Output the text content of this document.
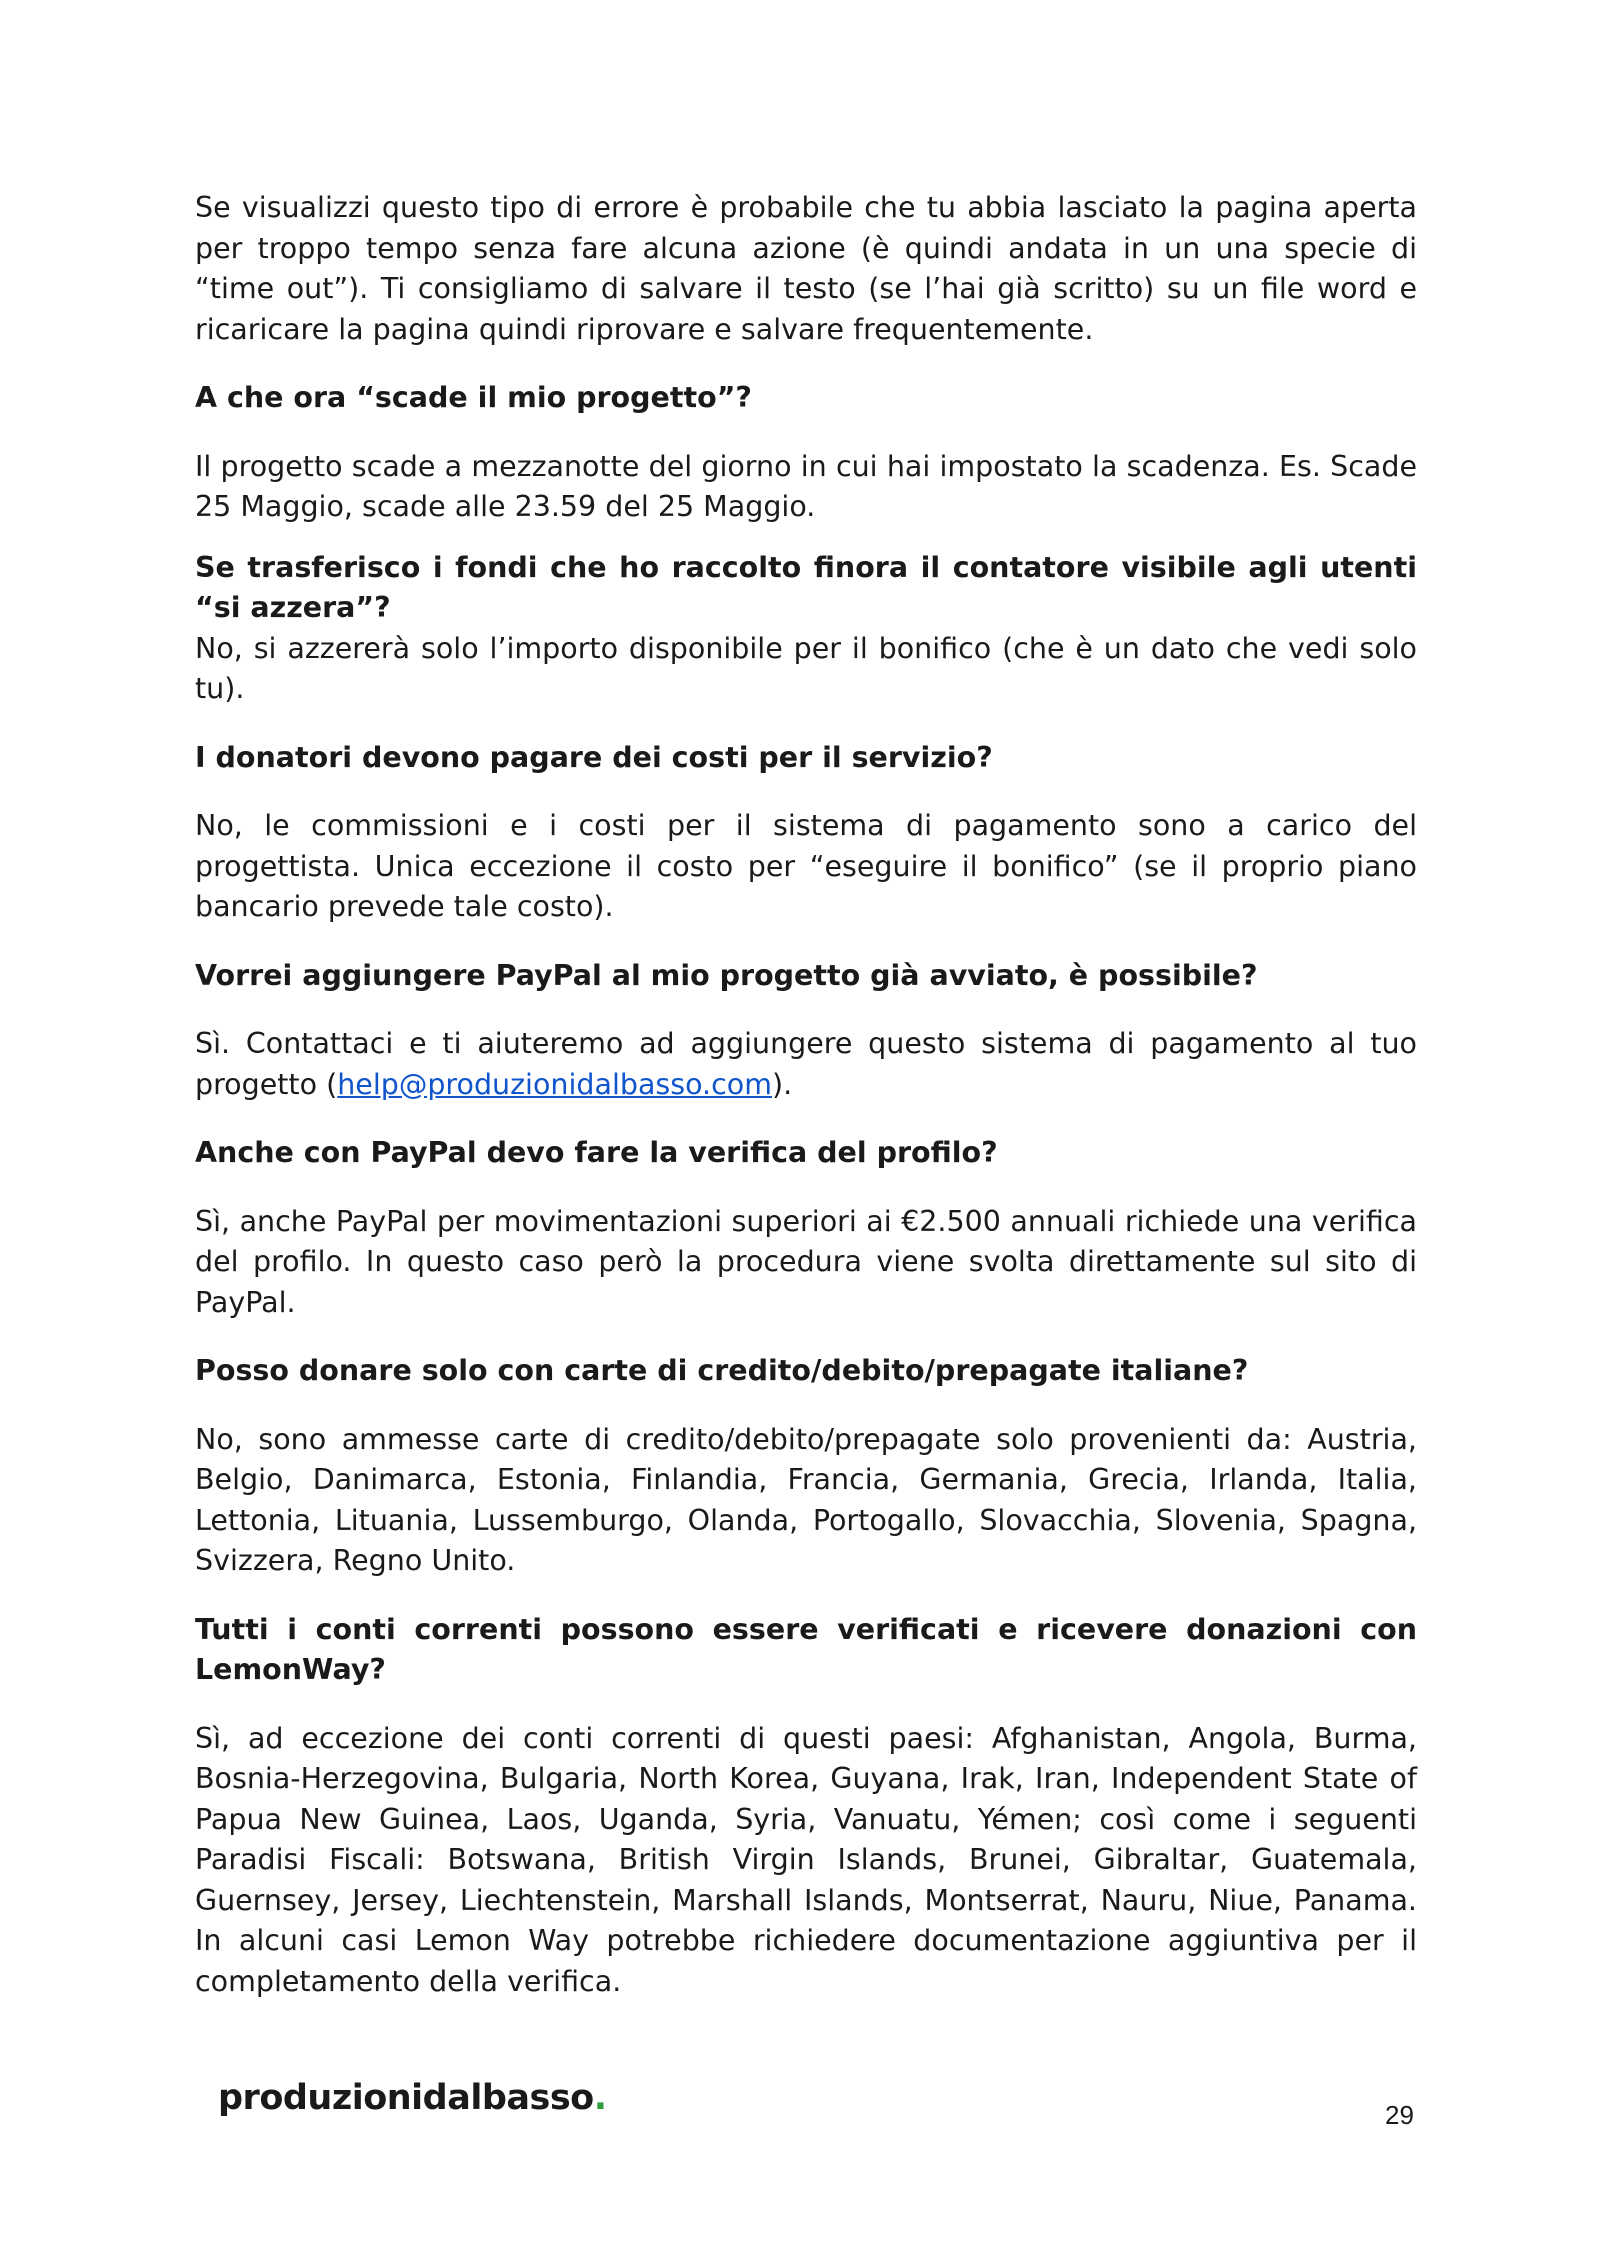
Se visualizzi questo tipo di errore è probabile che tu abbia lasciato la pagina aperta per troppo tempo senza fare alcuna azione (è quindi andata in un una specie di “time out”). Ti consigliamo di salvare il testo (se l’hai già scritto) su un file word e ricaricare la pagina quindi riprovare e salvare frequentemente.

A che ora “scade il mio progetto”?

Il progetto scade a mezzanotte del giorno in cui hai impostato la scadenza. Es. Scade 25 Maggio, scade alle 23.59 del 25 Maggio.

Se trasferisco i fondi che ho raccolto finora il contatore visibile agli utenti “si azzera”?

No, si azzererà solo l’importo disponibile per il bonifico (che è un dato che vedi solo tu).

I donatori devono pagare dei costi per il servizio?

No, le commissioni e i costi per il sistema di pagamento sono a carico del progettista. Unica eccezione il costo per “eseguire il bonifico” (se il proprio piano bancario prevede tale costo).

Vorrei aggiungere PayPal al mio progetto già avviato, è possibile?

Sì. Contattaci e ti aiuteremo ad aggiungere questo sistema di pagamento al tuo progetto (help@produzionidalbasso.com).

Anche con PayPal devo fare la verifica del profilo?

Sì, anche PayPal per movimentazioni superiori ai €2.500 annuali richiede una verifica del profilo. In questo caso però la procedura viene svolta direttamente sul sito di PayPal.

Posso donare solo con carte di credito/debito/prepagate italiane?

No, sono ammesse carte di credito/debito/prepagate solo provenienti da: Austria, Belgio, Danimarca, Estonia, Finlandia, Francia, Germania, Grecia, Irlanda, Italia, Lettonia, Lituania, Lussemburgo, Olanda, Portogallo, Slovacchia, Slovenia, Spagna, Svizzera, Regno Unito.

Tutti i conti correnti possono essere verificati e ricevere donazioni con LemonWay?

Sì, ad eccezione dei conti correnti di questi paesi: Afghanistan, Angola, Burma, Bosnia-Herzegovina, Bulgaria, North Korea, Guyana, Irak, Iran, Independent State of Papua New Guinea, Laos, Uganda, Syria, Vanuatu, Yémen; così come i seguenti Paradisi Fiscali: Botswana, British Virgin Islands, Brunei, Gibraltar, Guatemala, Guernsey, Jersey, Liechtenstein, Marshall Islands, Montserrat, Nauru, Niue, Panama. In alcuni casi Lemon Way potrebbe richiedere documentazione aggiuntiva per il completamento della verifica.

produzionidalbasso.	29
